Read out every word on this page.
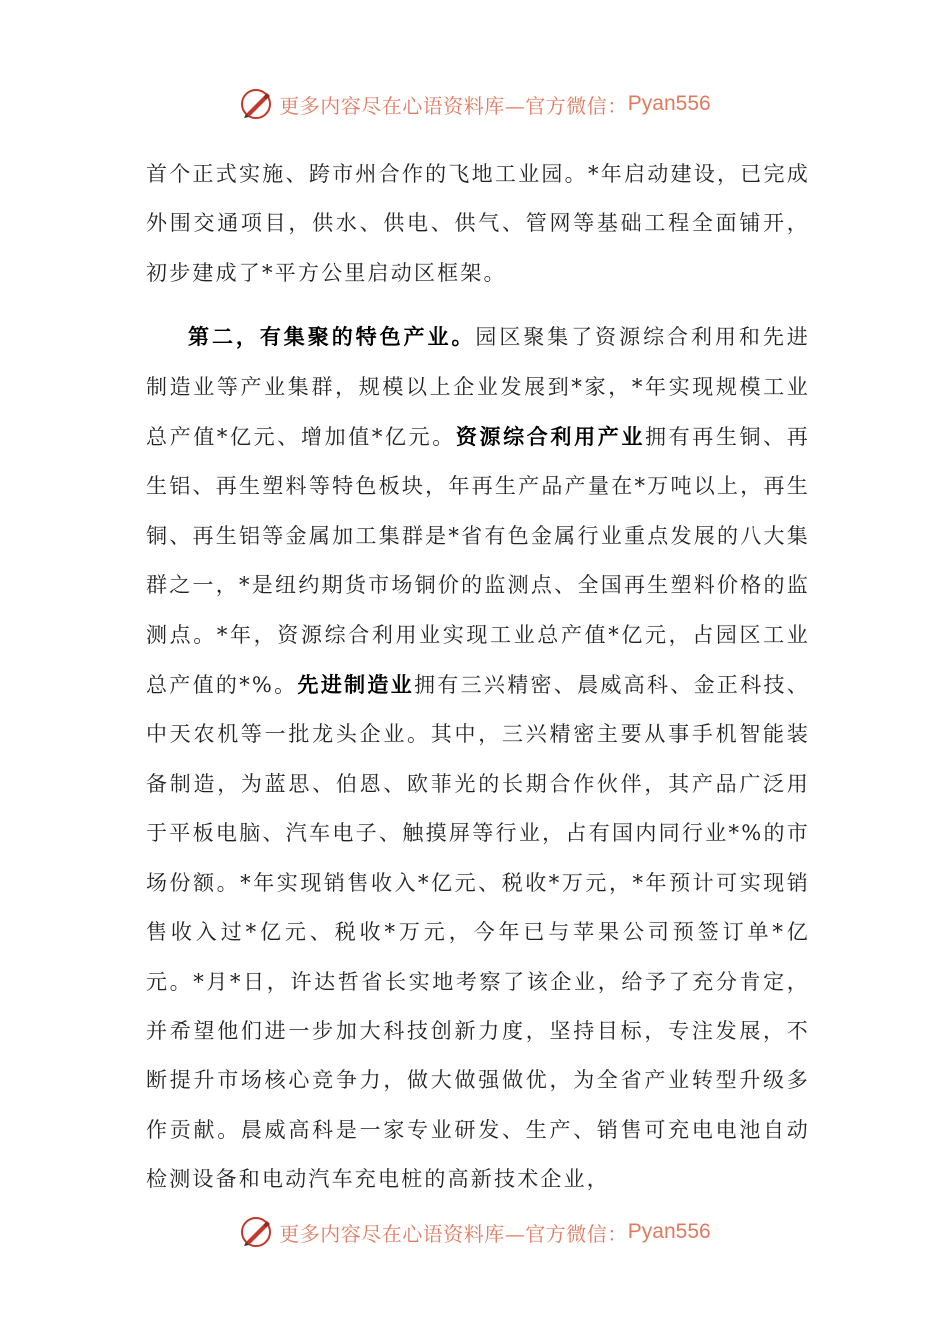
更多内容尽在心语资料库—官方微信： Pyan556

首个正式实施、跨市州合作的飞地工业园。*年启动建设，已完成外围交通项目，供水、供电、供气、管网等基础工程全面铺开，初步建成了*平方公里启动区框架。

第二，有集聚的特色产业。园区聚集了资源综合利用和先进制造业等产业集群，规模以上企业发展到*家，*年实现规模工业总产值*亿元、增加值*亿元。资源综合利用产业拥有再生铜、再生铝、再生塑料等特色板块，年再生产品产量在*万吨以上，再生铜、再生铝等金属加工集群是*省有色金属行业重点发展的八大集群之一，*是纽约期货市场铜价的监测点、全国再生塑料价格的监测点。*年，资源综合利用业实现工业总产值*亿元，占园区工业总产值的*%。先进制造业拥有三兴精密、晨威高科、金正科技、中天农机等一批龙头企业。其中，三兴精密主要从事手机智能装备制造，为蓝思、伯恩、欧菲光的长期合作伙伴，其产品广泛用于平板电脑、汽车电子、触摸屏等行业，占有国内同行业*%的市场份额。*年实现销售收入*亿元、税收*万元，*年预计可实现销售收入过*亿元、税收*万元，今年已与苹果公司预签订单*亿元。*月*日，许达哲省长实地考察了该企业，给予了充分肯定，并希望他们进一步加大科技创新力度，坚持目标，专注发展，不断提升市场核心竞争力，做大做强做优，为全省产业转型升级多作贡献。晨威高科是一家专业研发、生产、销售可充电电池自动检测设备和电动汽车充电桩的高新技术企业，

更多内容尽在心语资料库—官方微信： Pyan556
